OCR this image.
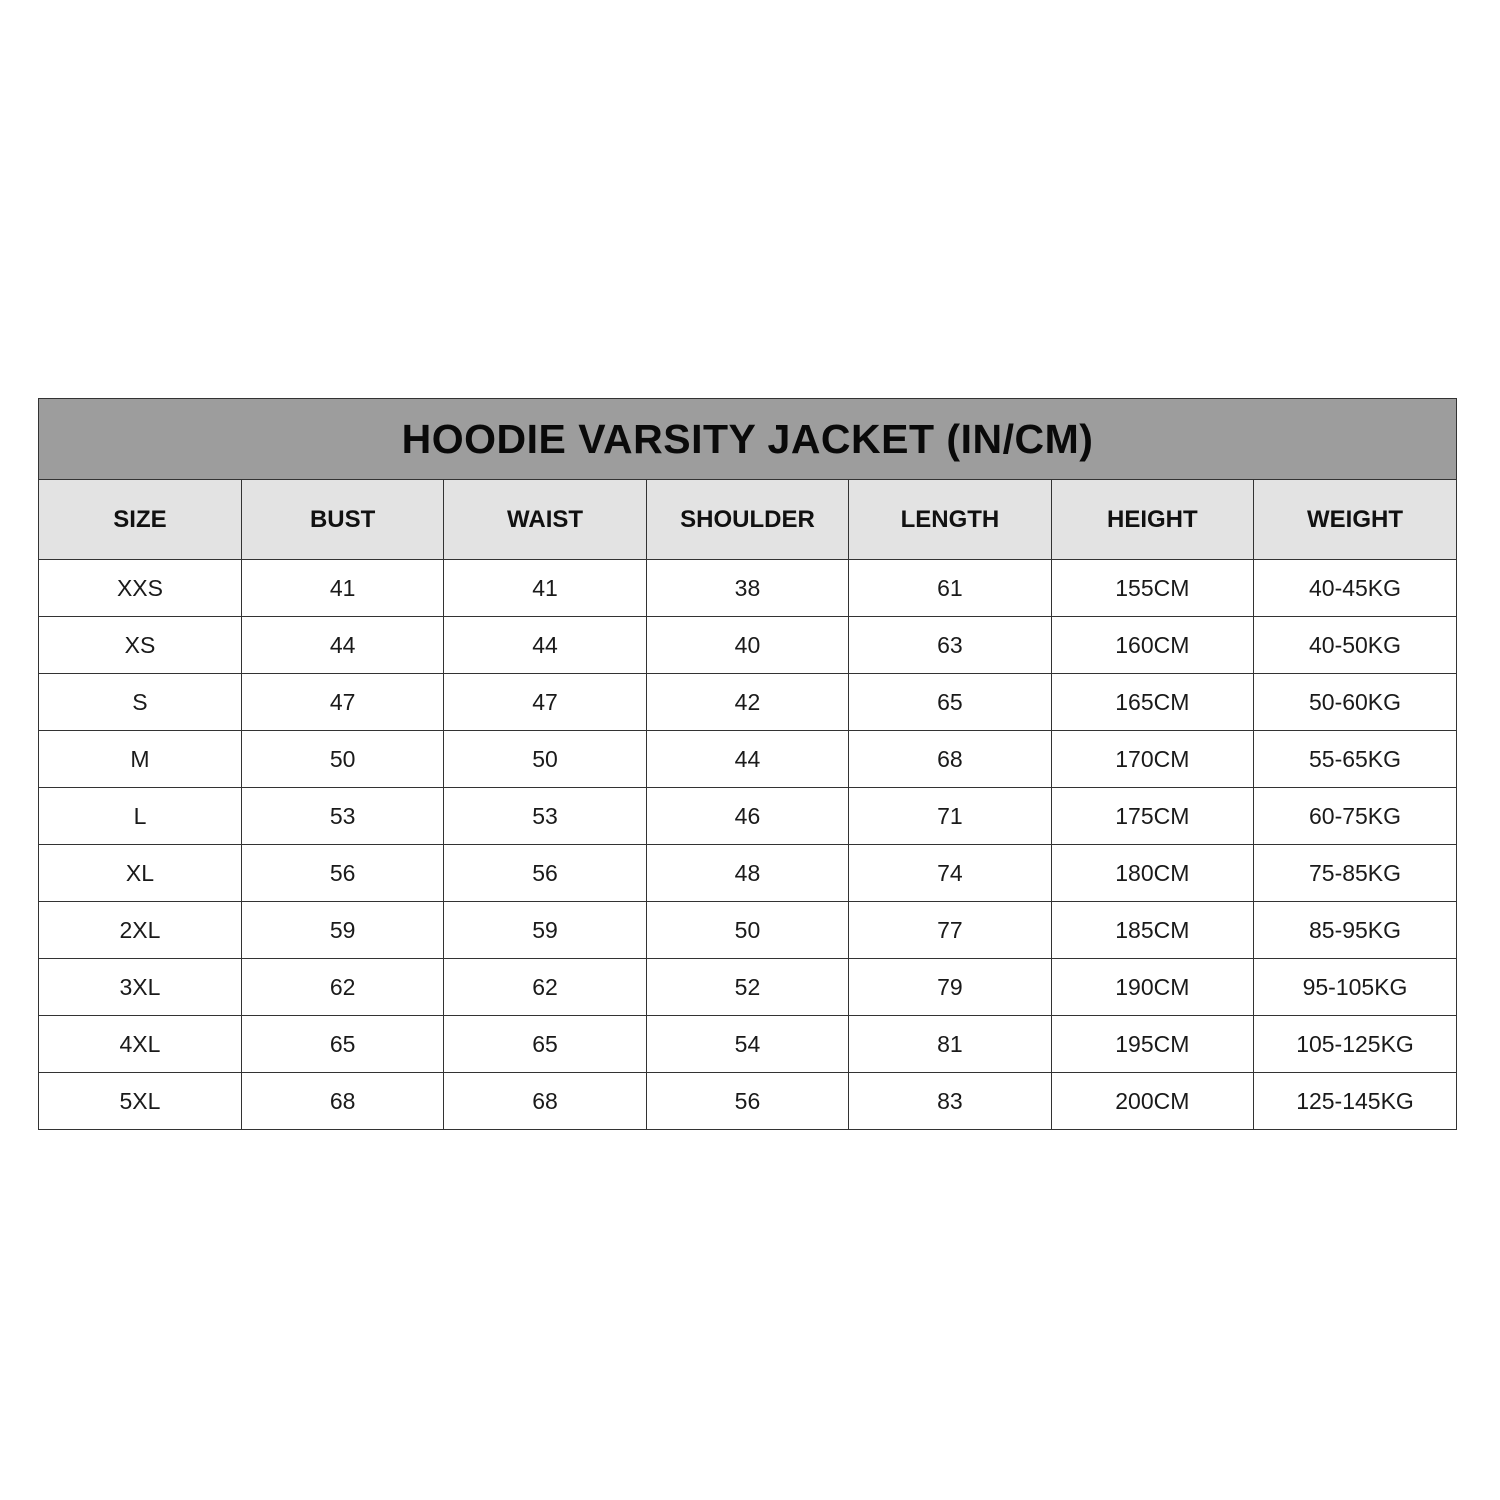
HOODIE VARSITY JACKET (IN/CM)
SIZE	BUST	WAIST	SHOULDER	LENGTH	HEIGHT	WEIGHT
XXS	41	41	38	61	155CM	40-45KG
XS	44	44	40	63	160CM	40-50KG
S	47	47	42	65	165CM	50-60KG
M	50	50	44	68	170CM	55-65KG
L	53	53	46	71	175CM	60-75KG
XL	56	56	48	74	180CM	75-85KG
2XL	59	59	50	77	185CM	85-95KG
3XL	62	62	52	79	190CM	95-105KG
4XL	65	65	54	81	195CM	105-125KG
5XL	68	68	56	83	200CM	125-145KG
